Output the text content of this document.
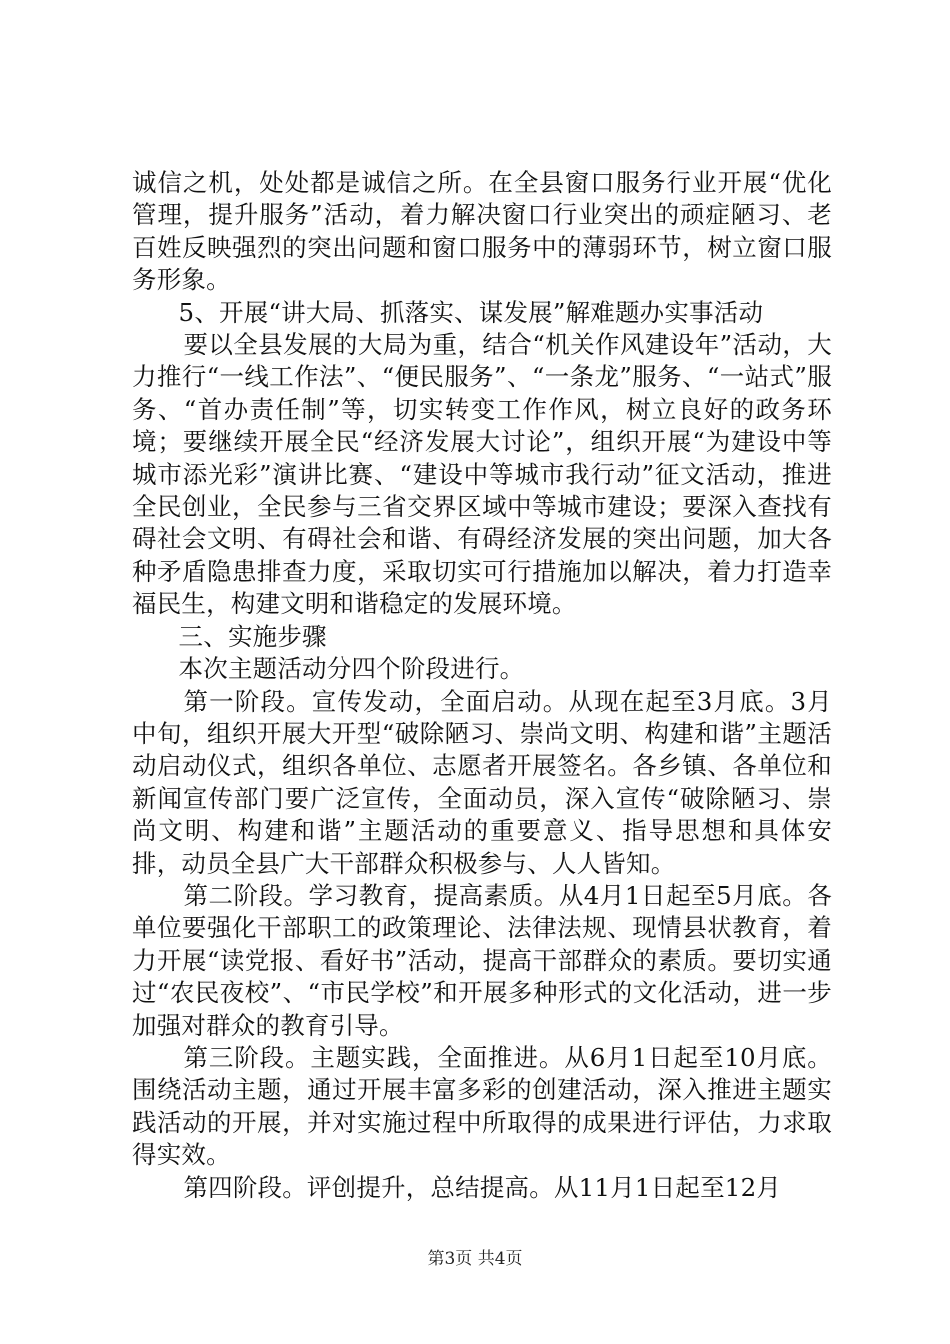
诚信之机，处处都是诚信之所。在全县窗口服务行业开展“优化管理，提升服务”活动，着力解决窗口行业突出的顽症陋习、老百姓反映强烈的突出问题和窗口服务中的薄弱环节，树立窗口服务形象。

5、开展“讲大局、抓落实、谋发展”解难题办实事活动

要以全县发展的大局为重，结合“机关作风建设年”活动，大力推行“一线工作法”、“便民服务”、“一条龙”服务、“一站式”服务、“首办责任制”等，切实转变工作作风，树立良好的政务环境；要继续开展全民“经济发展大讨论”，组织开展“为建设中等城市添光彩”演讲比赛、“建设中等城市我行动”征文活动，推进全民创业，全民参与三省交界区域中等城市建设；要深入查找有碍社会文明、有碍社会和谐、有碍经济发展的突出问题，加大各种矛盾隐患排查力度，采取切实可行措施加以解决，着力打造幸福民生，构建文明和谐稳定的发展环境。

三、实施步骤

本次主题活动分四个阶段进行。

第一阶段。宣传发动，全面启动。从现在起至3月底。3月中旬，组织开展大开型“破除陋习、崇尚文明、构建和谐”主题活动启动仪式，组织各单位、志愿者开展签名。各乡镇、各单位和新闻宣传部门要广泛宣传，全面动员，深入宣传“破除陋习、崇尚文明、构建和谐”主题活动的重要意义、指导思想和具体安排，动员全县广大干部群众积极参与、人人皆知。

第二阶段。学习教育，提高素质。从4月1日起至5月底。各单位要强化干部职工的政策理论、法律法规、现情县状教育，着力开展“读党报、看好书”活动，提高干部群众的素质。要切实通过“农民夜校”、“市民学校”和开展多种形式的文化活动，进一步加强对群众的教育引导。

第三阶段。主题实践，全面推进。从6月1日起至10月底。围绕活动主题，通过开展丰富多彩的创建活动，深入推进主题实践活动的开展，并对实施过程中所取得的成果进行评估，力求取得实效。

第四阶段。评创提升，总结提高。从11月1日起至12月

第3页 共4页
